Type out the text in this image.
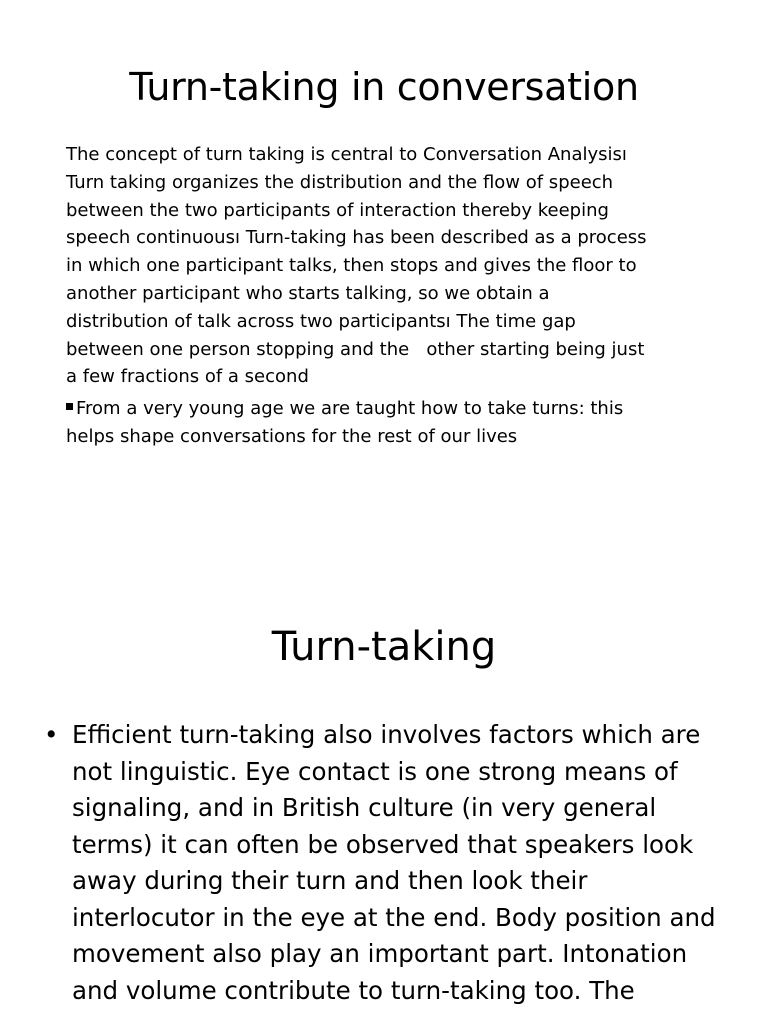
Turn-taking in conversation

The concept of turn taking is central to Conversation Analysisı Turn taking organizes the distribution and the flow of speech between the two participants of interaction thereby keeping speech continuousı Turn-taking has been described as a process in which one participant talks, then stops and gives the floor to another participant who starts talking, so we obtain a distribution of talk across two participantsı The time gap between one person stopping and the   other starting being just a few fractions of a second

From a very young age we are taught how to take turns: this helps shape conversations for the rest of our lives

Turn-taking
• Efficient turn-taking also involves factors which are not linguistic. Eye contact is one strong means of signaling, and in British culture (in very general terms) it can often be observed that speakers look away during their turn and then look their interlocutor in the eye at the end. Body position and movement also play an important part. Intonation and volume contribute to turn-taking too. The
